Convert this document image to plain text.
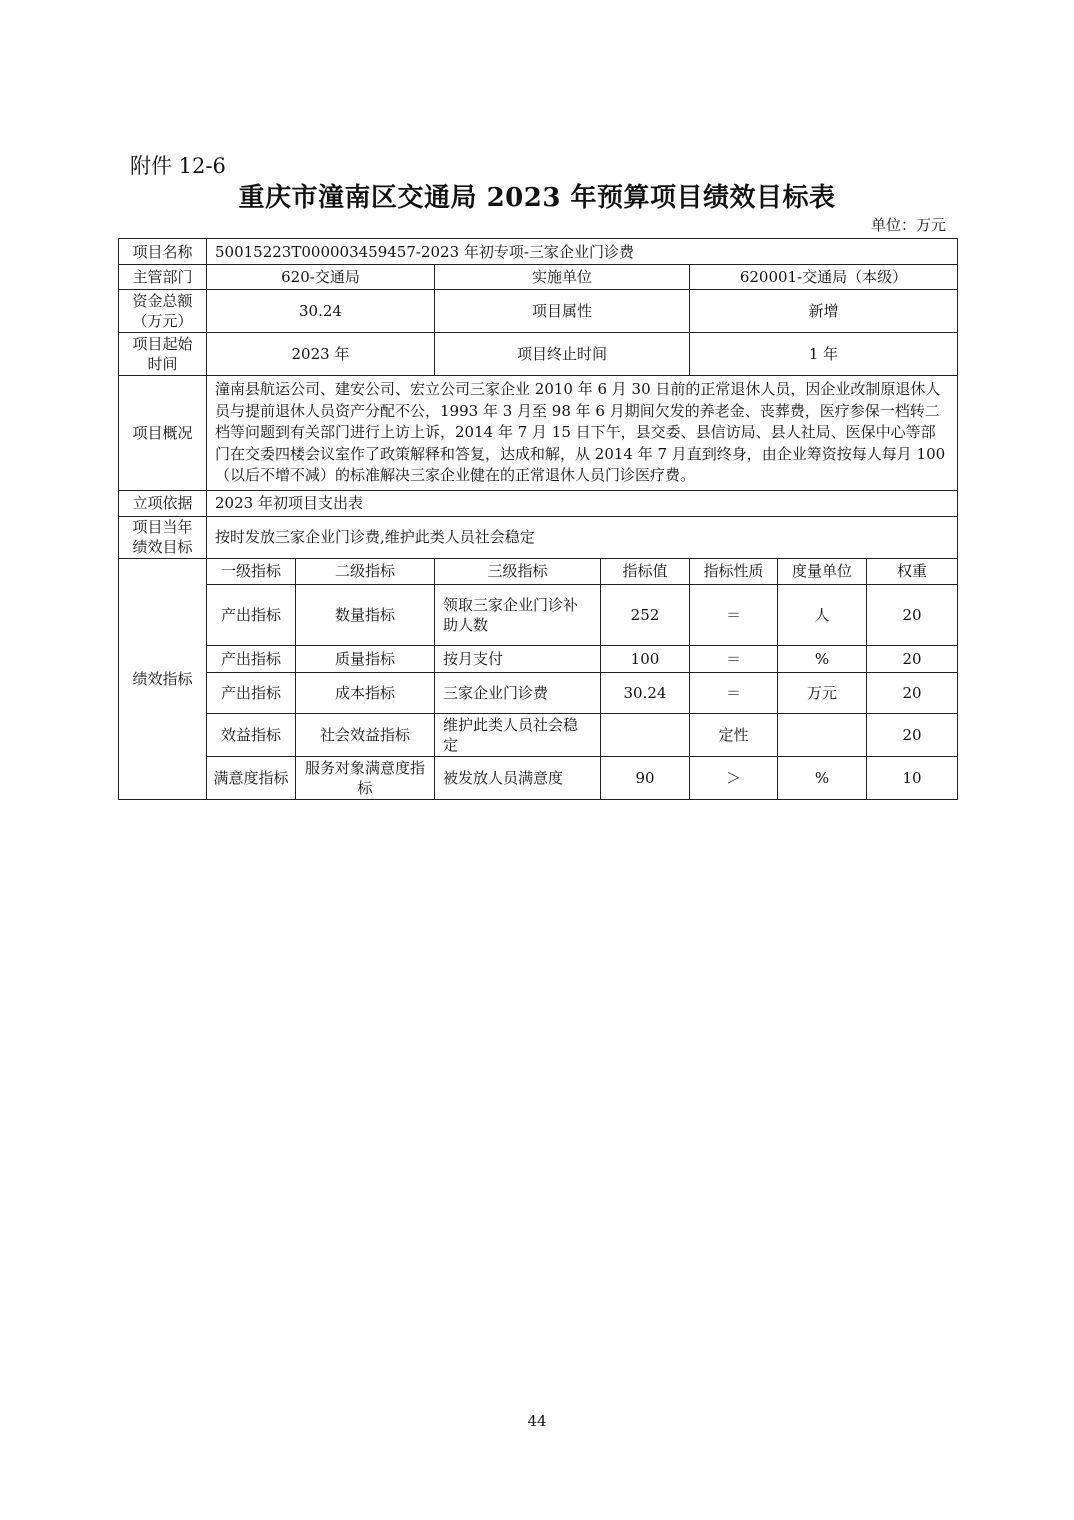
附件 12-6
重庆市潼南区交通局 2023 年预算项目绩效目标表
单位：万元
项目名称	50015223T000003459457-2023 年初专项-三家企业门诊费						
主管部门	620-交通局		实施单位		620001-交通局（本级）		
资金总额（万元）	30.24		项目属性		新增		
项目起始时间	2023 年		项目终止时间		1 年		
项目概况	潼南县航运公司、建安公司、宏立公司三家企业 2010 年 6 月 30 日前的正常退休人员，因企业改制原退休人员与提前退休人员资产分配不公，1993 年 3 月至 98 年 6 月期间欠发的养老金、丧葬费，医疗参保一档转二档等问题到有关部门进行上访上诉，2014 年 7 月 15 日下午，县交委、县信访局、县人社局、医保中心等部门在交委四楼会议室作了政策解释和答复，达成和解，从 2014 年 7 月直到终身，由企业筹资按每人每月 100（以后不增不减）的标准解决三家企业健在的正常退休人员门诊医疗费。						
立项依据	2023 年初项目支出表						
项目当年绩效目标	按时发放三家企业门诊费,维护此类人员社会稳定						
绩效指标	一级指标	二级指标	三级指标	指标值	指标性质	度量单位	权重
	产出指标	数量指标	领取三家企业门诊补助人数	252	＝	人	20
	产出指标	质量指标	按月支付	100	＝	%	20
	产出指标	成本指标	三家企业门诊费	30.24	＝	万元	20
	效益指标	社会效益指标	维护此类人员社会稳定		定性		20
	满意度指标	服务对象满意度指标	被发放人员满意度	90	＞	%	10
44
